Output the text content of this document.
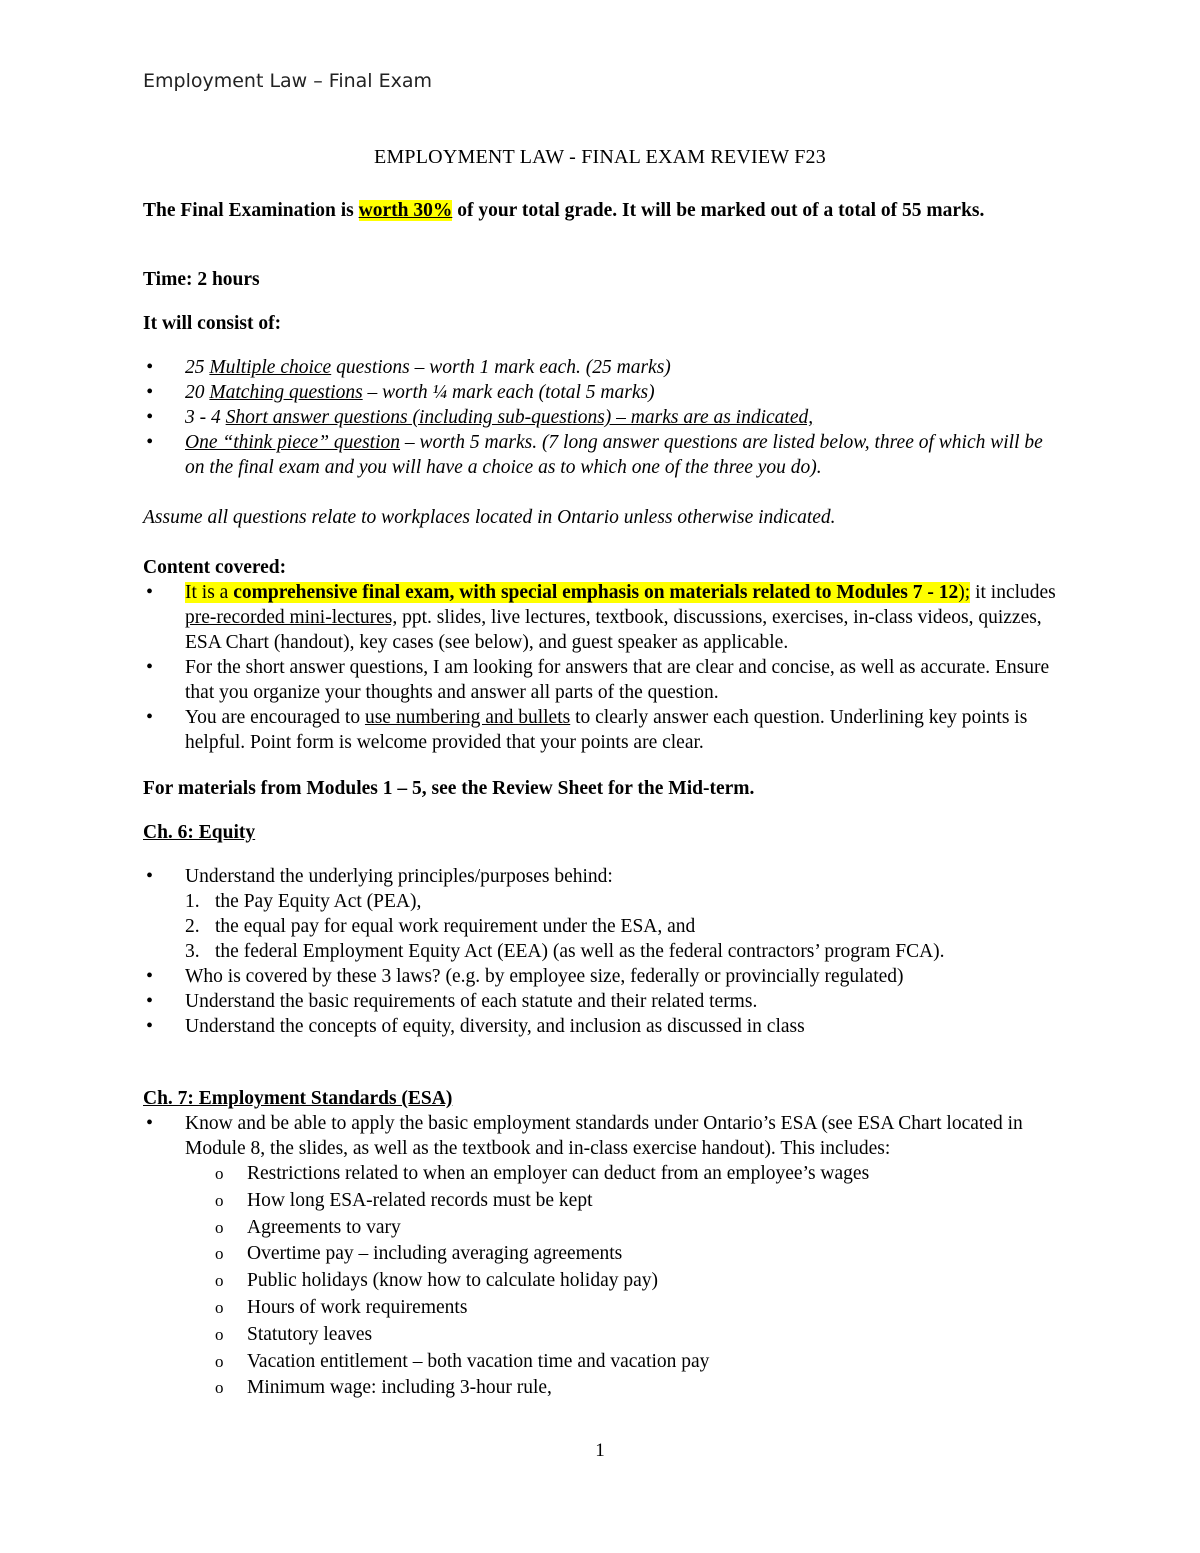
Employment Law – Final Exam
EMPLOYMENT LAW - FINAL EXAM REVIEW F23
The Final Examination is worth 30% of your total grade. It will be marked out of a total of 55 marks.
Time: 2 hours
It will consist of:
• 25 Multiple choice questions – worth 1 mark each. (25 marks)
• 20 Matching questions – worth ¼ mark each (total 5 marks)
• 3 - 4 Short answer questions (including sub-questions) – marks are as indicated,
• One “think piece” question – worth 5 marks. (7 long answer questions are listed below, three of which will be on the final exam and you will have a choice as to which one of the three you do).
Assume all questions relate to workplaces located in Ontario unless otherwise indicated.
Content covered:
• It is a comprehensive final exam, with special emphasis on materials related to Modules 7 - 12); it includes pre-recorded mini-lectures, ppt. slides, live lectures, textbook, discussions, exercises, in-class videos, quizzes, ESA Chart (handout), key cases (see below), and guest speaker as applicable.
• For the short answer questions, I am looking for answers that are clear and concise, as well as accurate. Ensure that you organize your thoughts and answer all parts of the question.
• You are encouraged to use numbering and bullets to clearly answer each question. Underlining key points is helpful. Point form is welcome provided that your points are clear.
For materials from Modules 1 – 5, see the Review Sheet for the Mid-term.
Ch. 6: Equity
• Understand the underlying principles/purposes behind:
1. the Pay Equity Act (PEA),
2. the equal pay for equal work requirement under the ESA, and
3. the federal Employment Equity Act (EEA) (as well as the federal contractors’ program FCA).
• Who is covered by these 3 laws? (e.g. by employee size, federally or provincially regulated)
• Understand the basic requirements of each statute and their related terms.
• Understand the concepts of equity, diversity, and inclusion as discussed in class
Ch. 7: Employment Standards (ESA)
• Know and be able to apply the basic employment standards under Ontario’s ESA (see ESA Chart located in Module 8, the slides, as well as the textbook and in-class exercise handout). This includes:
o Restrictions related to when an employer can deduct from an employee’s wages
o How long ESA-related records must be kept
o Agreements to vary
o Overtime pay – including averaging agreements
o Public holidays (know how to calculate holiday pay)
o Hours of work requirements
o Statutory leaves
o Vacation entitlement – both vacation time and vacation pay
o Minimum wage: including 3-hour rule,
1
